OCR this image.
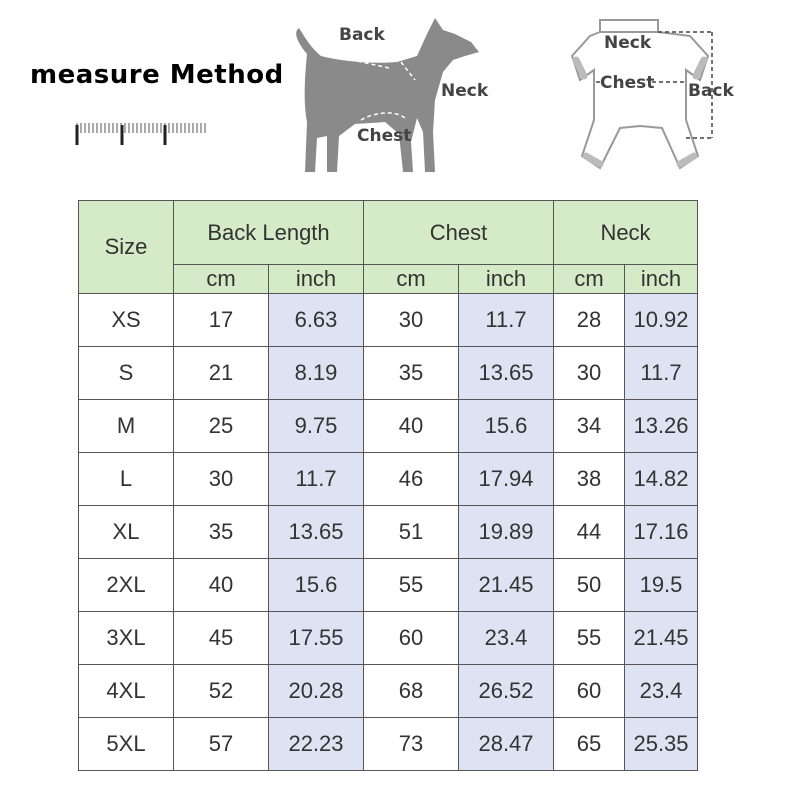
measure Method
Back
Neck
Chest
Neck
Chest Back
Size	Back Length		Chest		Neck	
	cm	inch	cm	inch	cm	inch
XS	17	6.63	30	11.7	28	10.92
S	21	8.19	35	13.65	30	11.7
M	25	9.75	40	15.6	34	13.26
L	30	11.7	46	17.94	38	14.82
XL	35	13.65	51	19.89	44	17.16
2XL	40	15.6	55	21.45	50	19.5
3XL	45	17.55	60	23.4	55	21.45
4XL	52	20.28	68	26.52	60	23.4
5XL	57	22.23	73	28.47	65	25.35
